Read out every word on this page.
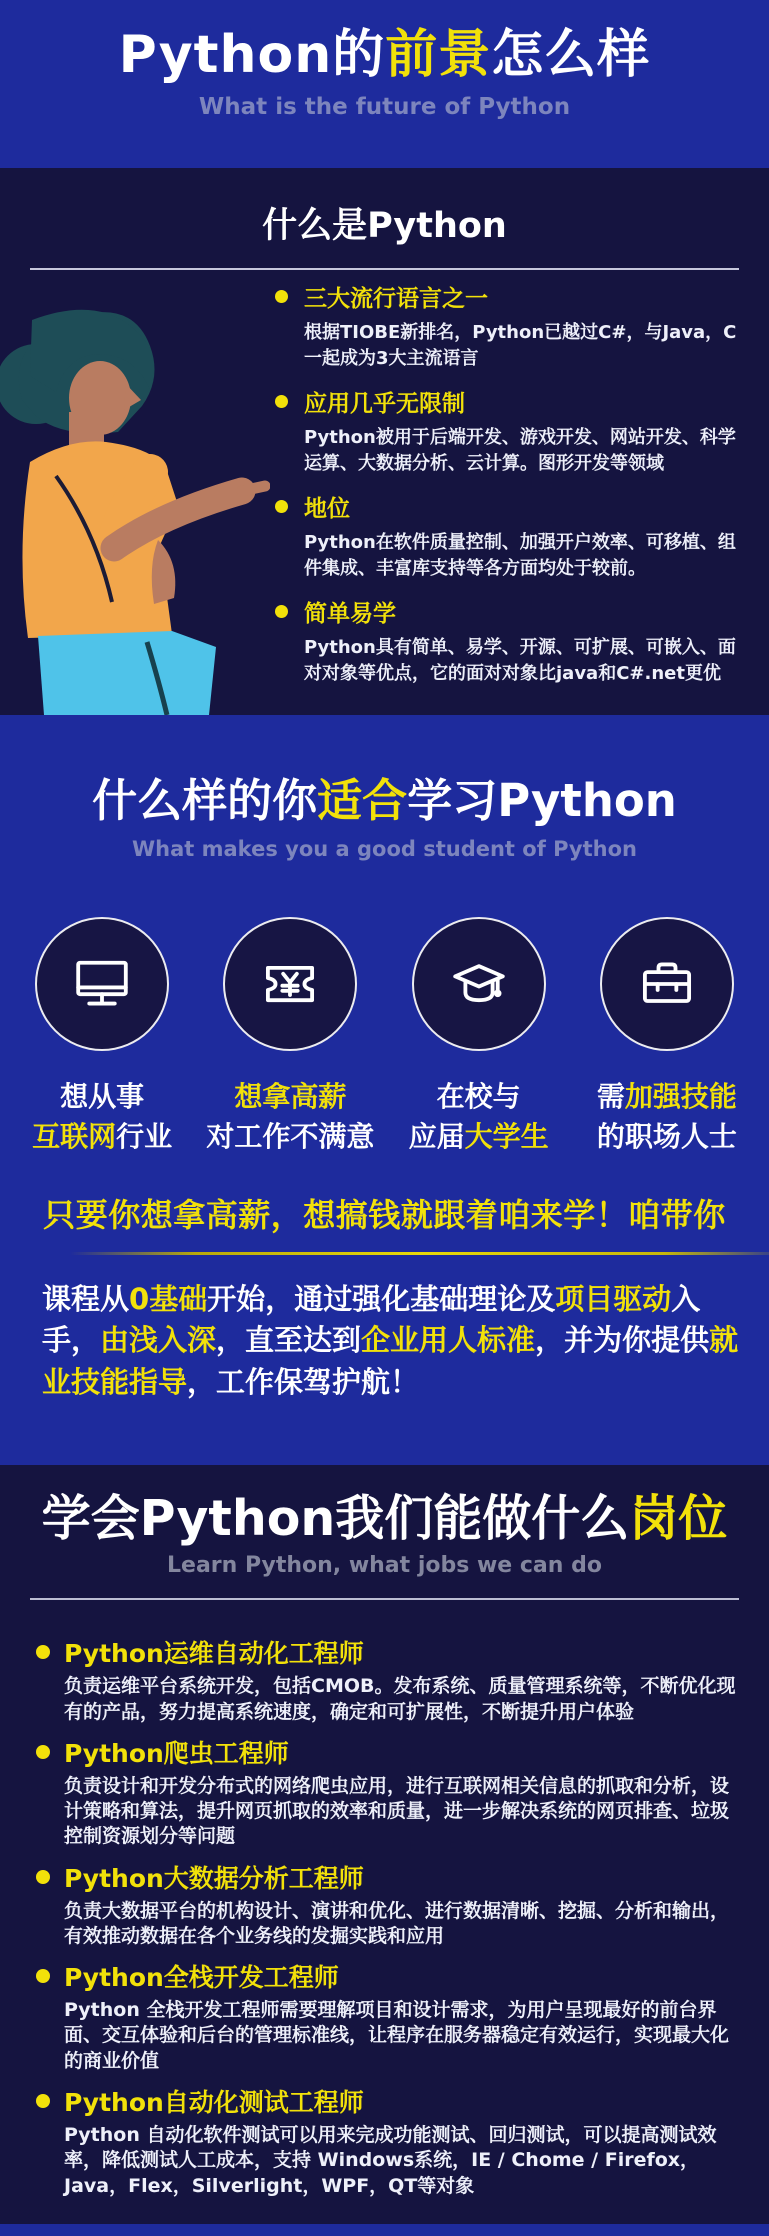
Python的前景怎么样
What is the future of Python
什么是Python
三大流行语言之一
根据TIOBE新排名，Python已越过C#，与Java，C一起成为3大主流语言
应用几乎无限制
Python被用于后端开发、游戏开发、网站开发、科学运算、大数据分析、云计算。图形开发等领域
地位
Python在软件质量控制、加强开户效率、可移植、组件集成、丰富库支持等各方面均处于较前。
简单易学
Python具有简单、易学、开源、可扩展、可嵌入、面对对象等优点，它的面对对象比java和C#.net更优
什么样的你适合学习Python
What makes you a good student of Python
想从事
互联网行业
想拿高薪
对工作不满意
在校与
应届大学生
需加强技能
的职场人士
只要你想拿高薪，想搞钱就跟着咱来学！咱带你
课程从0基础开始，通过强化基础理论及项目驱动入手，由浅入深，直至达到企业用人标准，并为你提供就业技能指导，工作保驾护航！
学会Python我们能做什么岗位
Learn Python, what jobs we can do
Python运维自动化工程师
负责运维平台系统开发，包括CMOB。发布系统、质量管理系统等，不断优化现有的产品，努力提高系统速度，确定和可扩展性，不断提升用户体验
Python爬虫工程师
负责设计和开发分布式的网络爬虫应用，进行互联网相关信息的抓取和分析，设计策略和算法，提升网页抓取的效率和质量，进一步解决系统的网页排查、垃圾控制资源划分等问题
Python大数据分析工程师
负责大数据平台的机构设计、演讲和优化、进行数据清晰、挖掘、分析和输出，有效推动数据在各个业务线的发掘实践和应用
Python全栈开发工程师
Python 全栈开发工程师需要理解项目和设计需求，为用户呈现最好的前台界面、交互体验和后台的管理标准线，让程序在服务器稳定有效运行，实现最大化的商业价值
Python自动化测试工程师
Python 自动化软件测试可以用来完成功能测试、回归测试，可以提高测试效率，降低测试人工成本，支持 Windows系统，IE / Chome / Firefox，Java，Flex，Silverlight，WPF，QT等对象
